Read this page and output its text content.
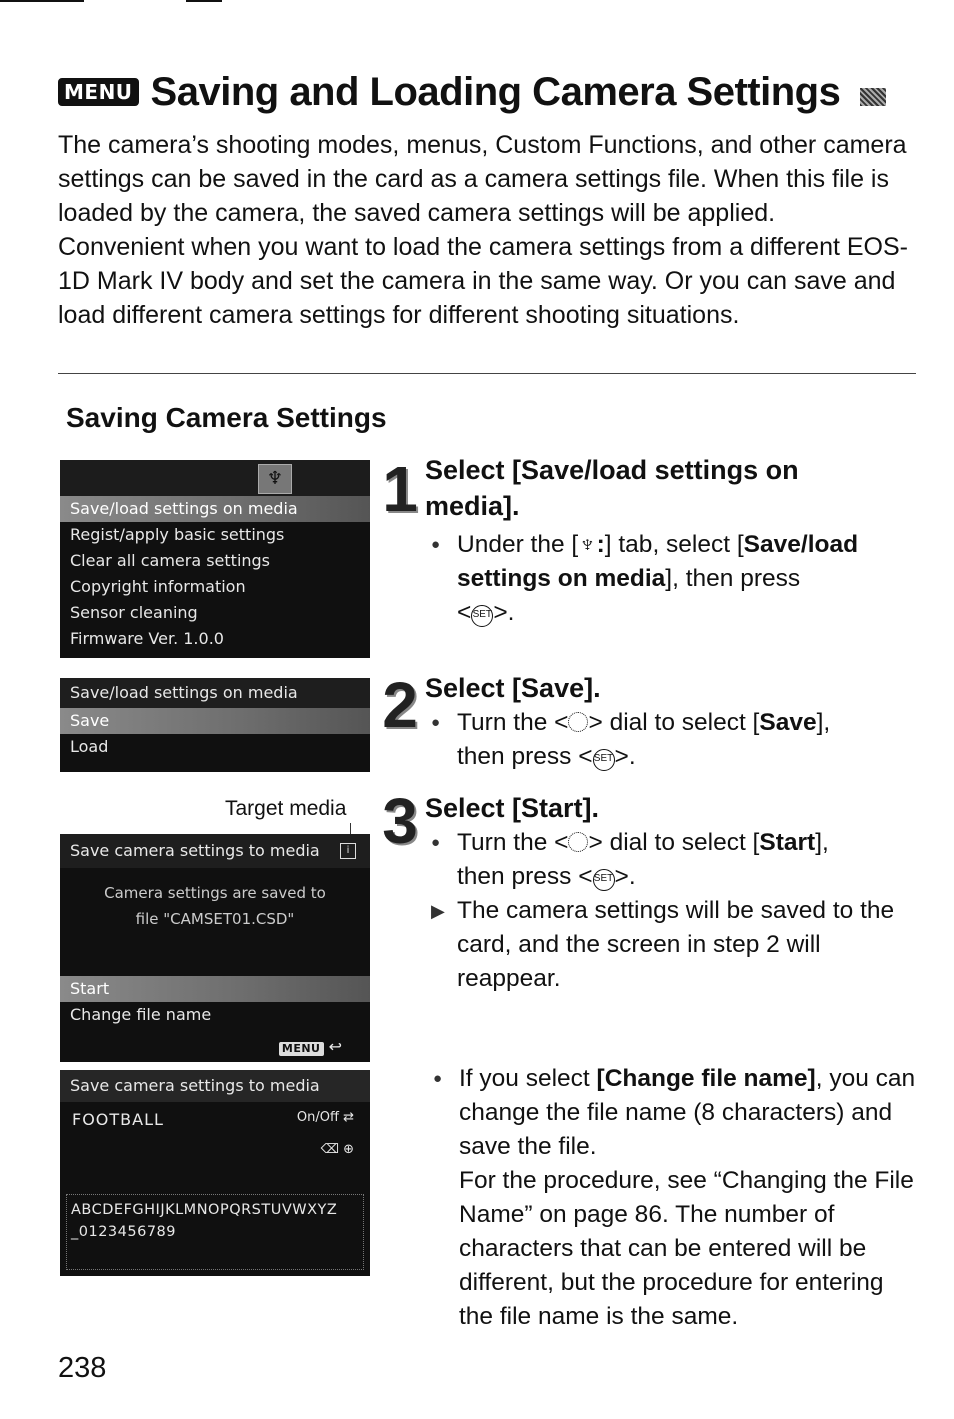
MENU Saving and Loading Camera Settings

The camera’s shooting modes, menus, Custom Functions, and other camera settings can be saved in the card as a camera settings file. When this file is loaded by the camera, the saved camera settings will be applied.

Convenient when you want to load the camera settings from a different EOS-1D Mark IV body and set the camera in the same way. Or you can save and load different camera settings for different shooting situations.

Saving Camera Settings
♆
Save/load settings on media
Regist/apply basic settings
Clear all camera settings
Copyright information
Sensor cleaning
Firmware Ver. 1.0.0
Save/load settings on media
Save
Load
Target media
Save camera settings to media	i
Camera settings are saved to
file "CAMSET01.CSD"
Start
Change file name
MENU ↩
Save camera settings to media
FOOTBALL	On/Off ⇄
⌫ ⊕
ABCDEFGHIJKLMNOPQRSTUVWXYZ
_0123456789
1 Select [Save/load settings on
media].
● Under the [♆:] tab, select [Save/load settings on media], then press
<SET>.
2 Select [Save].
● Turn the < > dial to select [Save],
then press <SET>.
3 Select [Start].
● Turn the < > dial to select [Start],
then press <SET>.
▶ The camera settings will be saved to the card, and the screen in step 2 will reappear.
● If you select [Change file name], you can change the file name (8 characters) and save the file.
For the procedure, see “Changing the File Name” on page 86. The number of characters that can be entered will be different, but the procedure for entering the file name is the same.
238
